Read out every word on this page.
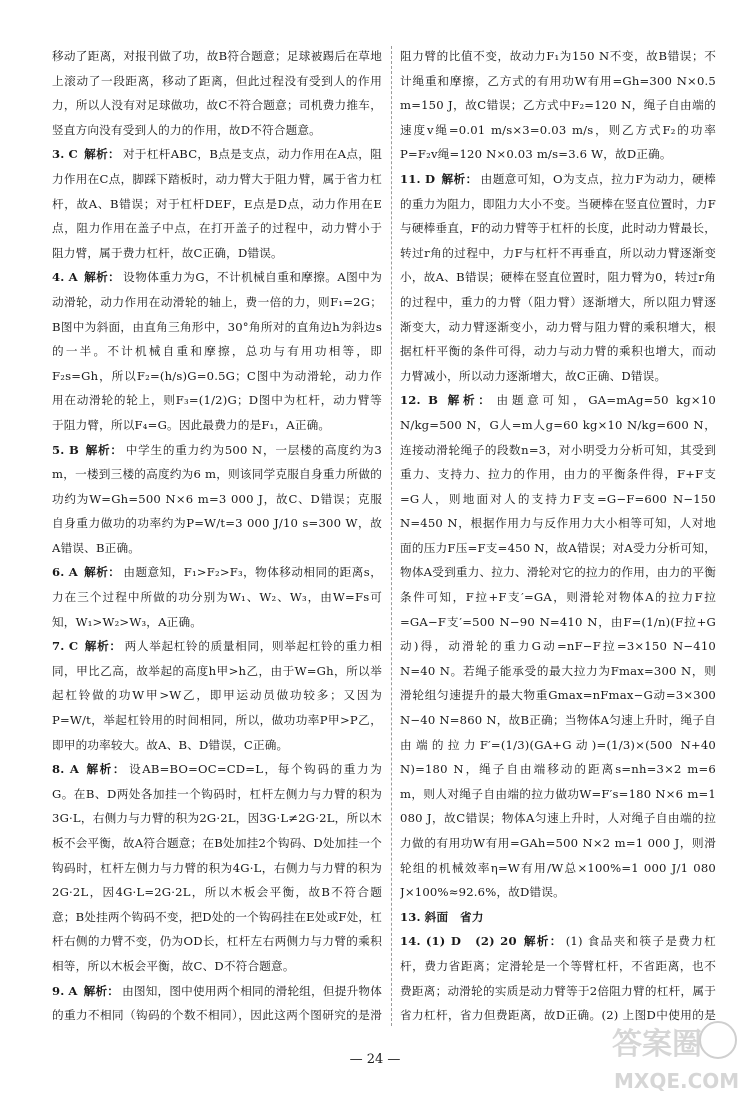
移动了距离，对报刊做了功，故B符合题意；足球被踢后在草地上滚动了一段距离，移动了距离，但此过程没有受到人的作用力，所以人没有对足球做功，故C不符合题意；司机费力推车，竖直方向没有受到人的力的作用，故D不符合题意。

3. C 解析： 对于杠杆ABC，B点是支点，动力作用在A点，阻力作用在C点，脚踩下踏板时，动力臂大于阻力臂，属于省力杠杆，故A、B错误；对于杠杆DEF，E点是D点，动力作用在E点，阻力作用在盖子中点，在打开盖子的过程中，动力臂小于阻力臂，属于费力杠杆，故C正确，D错误。

4. A 解析： 设物体重力为G，不计机械自重和摩擦。A图中为动滑轮，动力作用在动滑轮的轴上，费一倍的力，则F₁=2G；B图中为斜面，由直角三角形中，30°角所对的直角边h为斜边s的一半。不计机械自重和摩擦，总功与有用功相等，即F₂s=Gh，所以F₂=(h/s)G=0.5G；C图中为动滑轮，动力作用在动滑轮的轮上，则F₃=(1/2)G；D图中为杠杆，动力臂等于阻力臂，所以F₄=G。因此最费力的是F₁，A正确。

5. B 解析： 中学生的重力约为500 N，一层楼的高度约为3 m，一楼到三楼的高度约为6 m，则该同学克服自身重力所做的功约为W=Gh=500 N×6 m=3 000 J，故C、D错误；克服自身重力做功的功率约为P=W/t=3 000 J/10 s=300 W，故A错误、B正确。

6. A 解析： 由题意知，F₁>F₂>F₃，物体移动相同的距离s，力在三个过程中所做的功分别为W₁、W₂、W₃，由W=Fs可知，W₁>W₂>W₃，A正确。

7. C 解析： 两人举起杠铃的质量相同，则举起杠铃的重力相同，甲比乙高，故举起的高度h甲>h乙，由于W=Gh，所以举起杠铃做的功W甲>W乙，即甲运动员做功较多；又因为P=W/t，举起杠铃用的时间相同，所以，做功功率P甲>P乙，即甲的功率较大。故A、B、D错误，C正确。

8. A 解析： 设AB=BO=OC=CD=L，每个钩码的重力为G。在B、D两处各加挂一个钩码时，杠杆左侧力与力臂的积为3G·L，右侧力与力臂的积为2G·2L，因3G·L≠2G·2L，所以木板不会平衡，故A符合题意；在B处加挂2个钩码、D处加挂一个钩码时，杠杆左侧力与力臂的积为4G·L，右侧力与力臂的积为2G·2L，因4G·L=2G·2L，所以木板会平衡，故B不符合题意；B处挂两个钩码不变，把D处的一个钩码挂在E处或F处，杠杆右侧的力臂不变，仍为OD长，杠杆左右两侧力与力臂的乘积相等，所以木板会平衡，故C、D不符合题意。

9. A 解析： 由图知，图中使用两个相同的滑轮组，但提升物体的重力不相同（钩码的个数不相同），因此这两个图研究的是滑

阻力臂的比值不变，故动力F₁为150 N不变，故B错误；不计绳重和摩擦，乙方式的有用功W有用=Gh=300 N×0.5 m=150 J，故C错误；乙方式中F₂=120 N，绳子自由端的速度v绳=0.01 m/s×3=0.03 m/s，则乙方式F₂的功率P=F₂v绳=120 N×0.03 m/s=3.6 W，故D正确。

11. D 解析： 由题意可知，O为支点，拉力F为动力，硬棒的重力为阻力，即阻力大小不变。当硬棒在竖直位置时，力F与硬棒垂直，F的动力臂等于杠杆的长度，此时动力臂最长，转过r角的过程中，力F与杠杆不再垂直，所以动力臂逐渐变小，故A、B错误；硬棒在竖直位置时，阻力臂为0，转过r角的过程中，重力的力臂（阻力臂）逐渐增大，所以阻力臂逐渐变大，动力臂逐渐变小，动力臂与阻力臂的乘积增大，根据杠杆平衡的条件可得，动力与动力臂的乘积也增大，而动力臂减小，所以动力逐渐增大，故C正确、D错误。

12. B 解析： 由题意可知，GA=mAg=50 kg×10 N/kg=500 N，G人=m人g=60 kg×10 N/kg=600 N，连接动滑轮绳子的段数n=3，对小明受力分析可知，其受到重力、支持力、拉力的作用，由力的平衡条件得，F+F支=G人，则地面对人的支持力F支=G−F=600 N−150 N=450 N，根据作用力与反作用力大小相等可知，人对地面的压力F压=F支=450 N，故A错误；对A受力分析可知，物体A受到重力、拉力、滑轮对它的拉力的作用，由力的平衡条件可知，F拉+F支′=GA，则滑轮对物体A的拉力F拉=GA−F支′=500 N−90 N=410 N，由F=(1/n)(F拉+G动)得，动滑轮的重力G动=nF−F拉=3×150 N−410 N=40 N。若绳子能承受的最大拉力为Fmax=300 N，则滑轮组匀速提升的最大物重Gmax=nFmax−G动=3×300 N−40 N=860 N，故B正确；当物体A匀速上升时，绳子自由端的拉力F′=(1/3)(GA+G动)=(1/3)×(500 N+40 N)=180 N，绳子自由端移动的距离s=nh=3×2 m=6 m，则人对绳子自由端的拉力做功W=F′s=180 N×6 m=1 080 J，故C错误；物体A匀速上升时，人对绳子自由端的拉力做的有用功W有用=GAh=500 N×2 m=1 000 J，则滑轮组的机械效率η=W有用/W总×100%=1 000 J/1 080 J×100%≈92.6%，故D错误。

13. 斜面　省力

14. (1) D　(2) 20 解析： (1) 食品夹和筷子是费力杠杆，费力省距离；定滑轮是一个等臂杠杆，不省距离，也不费距离；动滑轮的实质是动力臂等于2倍阻力臂的杠杆，属于省力杠杆，省力但费距离，故D正确。(2) 上图D中使用的是

— 24 —	答案圈
MXQE.COM
